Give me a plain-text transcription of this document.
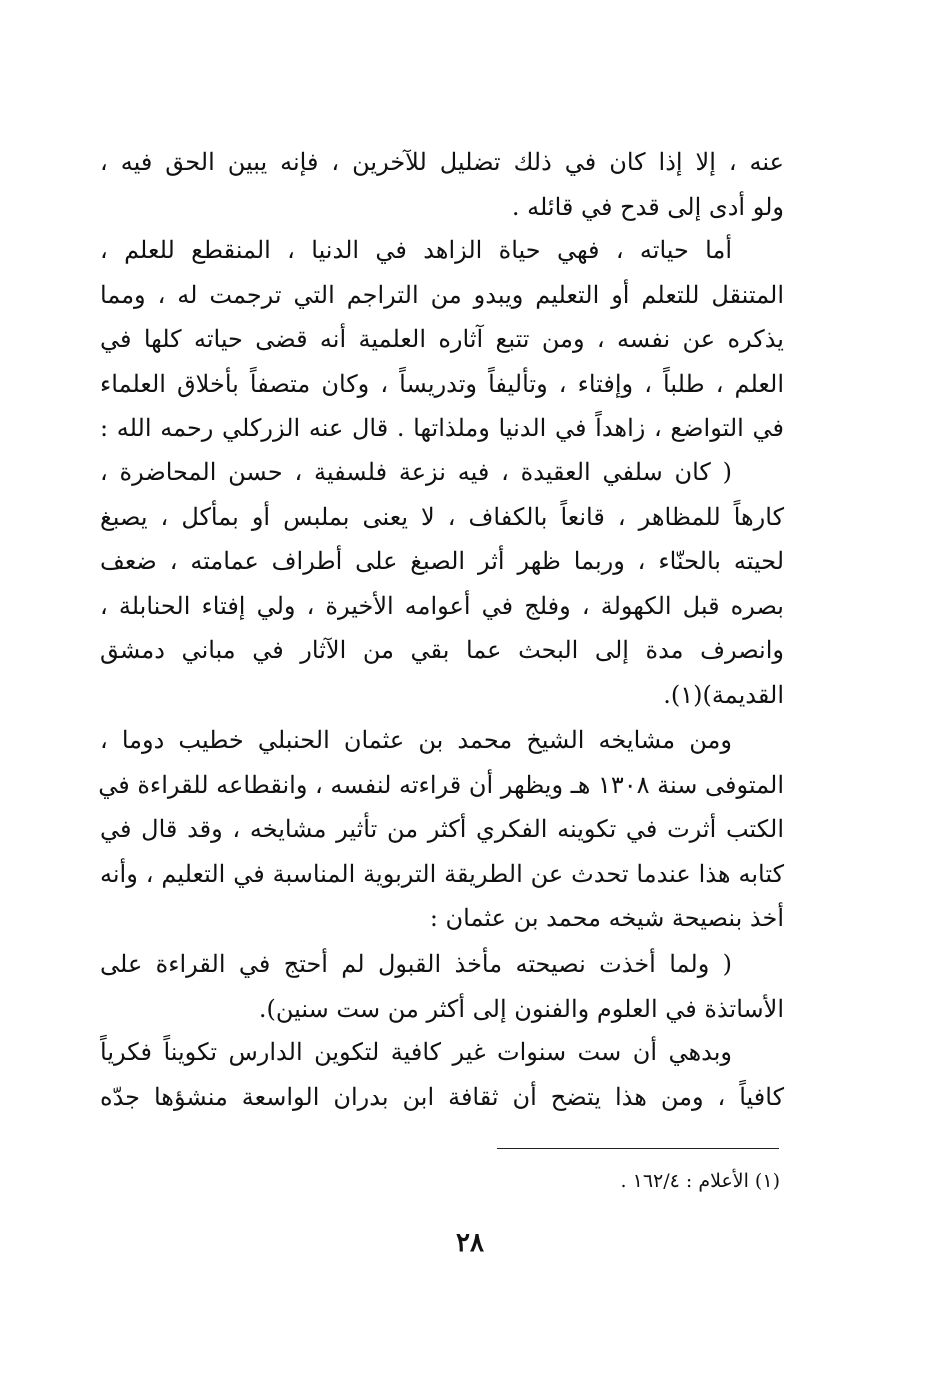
عنه ، إلا إذا كان في ذلك تضليل للآخرين ، فإنه يبين الحق فيه ،
ولو أدى إلى قدح في قائله .
أما حياته ، فهي حياة الزاهد في الدنيا ، المنقطع للعلم ،
المتنقل للتعلم أو التعليم ويبدو من التراجم التي ترجمت له ، ومما
يذكره عن نفسه ، ومن تتبع آثاره العلمية أنه قضى حياته كلها في
العلم ، طلباً ، وإفتاء ، وتأليفاً وتدريساً ، وكان متصفاً بأخلاق العلماء
في التواضع ، زاهداً في الدنيا وملذاتها . قال عنه الزركلي رحمه الله :
( كان سلفي العقيدة ، فيه نزعة فلسفية ، حسن المحاضرة ،
كارهاً للمظاهر ، قانعاً بالكفاف ، لا يعنى بملبس أو بمأكل ، يصبغ
لحيته بالحنّاء ، وربما ظهر أثر الصبغ على أطراف عمامته ، ضعف
بصره قبل الكهولة ، وفلج في أعوامه الأخيرة ، ولي إفتاء الحنابلة ،
وانصرف مدة إلى البحث عما بقي من الآثار في مباني دمشق
القديمة)(١).
ومن مشايخه الشيخ محمد بن عثمان الحنبلي خطيب دوما ،
المتوفى سنة ١٣٠٨ هـ ويظهر أن قراءته لنفسه ، وانقطاعه للقراءة في
الكتب أثرت في تكوينه الفكري أكثر من تأثير مشايخه ، وقد قال في
كتابه هذا عندما تحدث عن الطريقة التربوية المناسبة في التعليم ، وأنه
أخذ بنصيحة شيخه محمد بن عثمان :
( ولما أخذت نصيحته مأخذ القبول لم أحتج في القراءة على
الأساتذة في العلوم والفنون إلى أكثر من ست سنين).
وبدهي أن ست سنوات غير كافية لتكوين الدارس تكويناً فكرياً
كافياً ، ومن هذا يتضح أن ثقافة ابن بدران الواسعة منشؤها جدّه
(١) الأعلام : ١٦٢/٤ .
٢٨
